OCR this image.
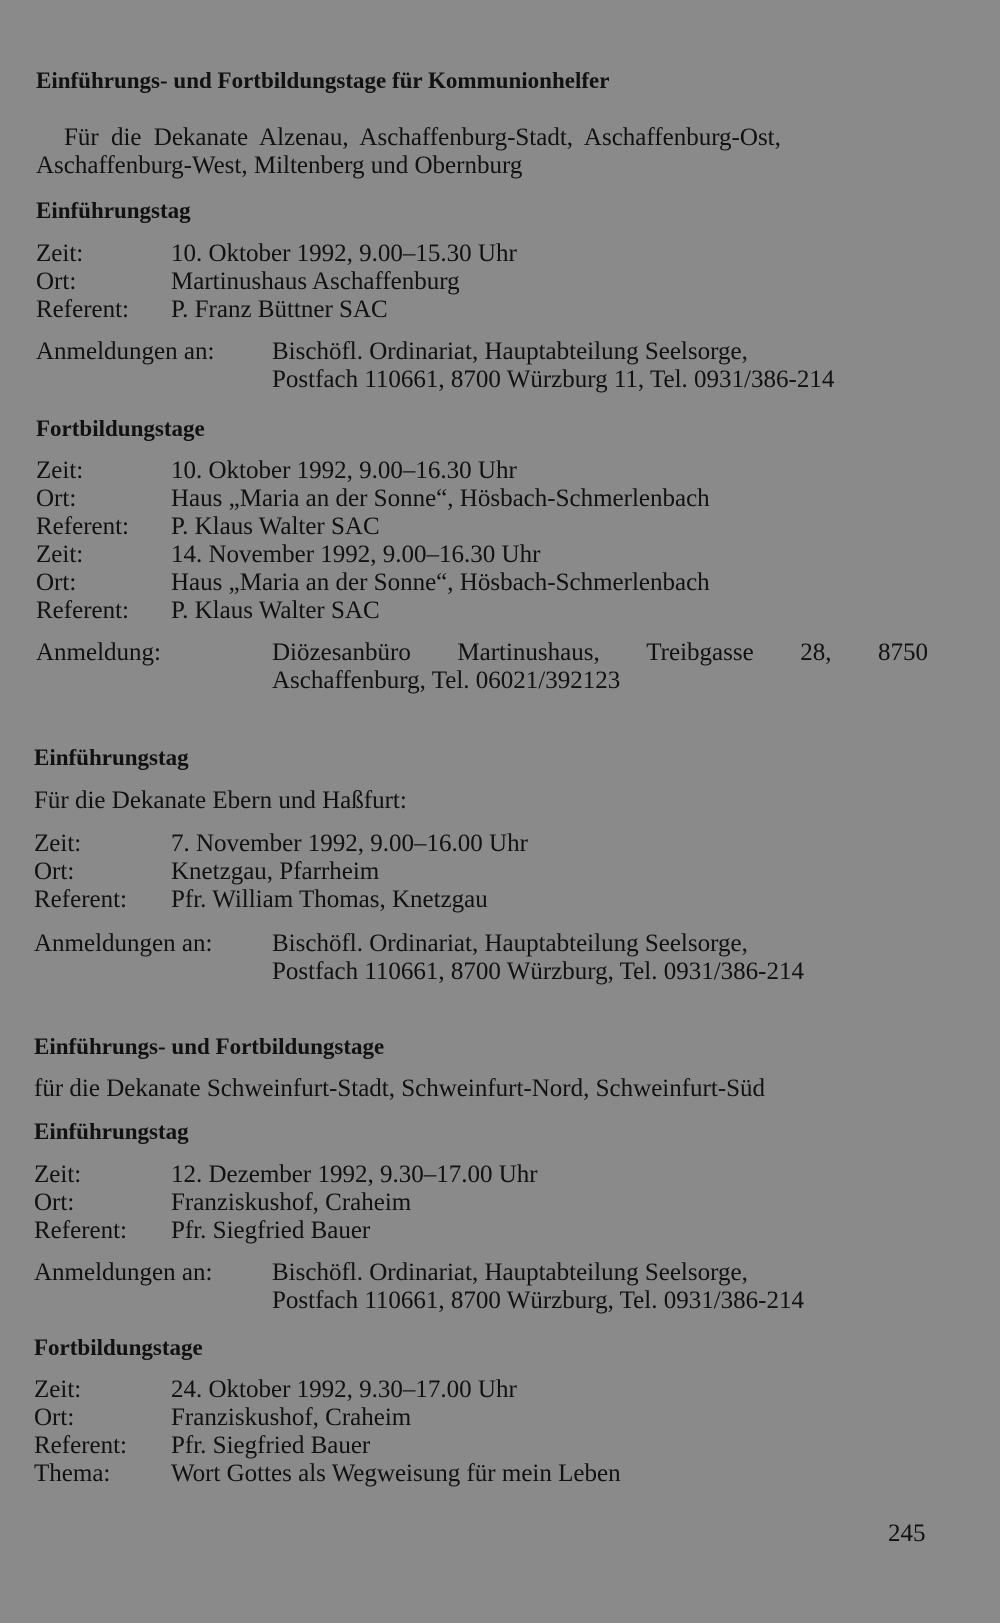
Einführungs- und Fortbildungstage für Kommunionhelfer
Für die Dekanate Alzenau, Aschaffenburg-Stadt, Aschaffenburg-Ost,
Aschaffenburg-West, Miltenberg und Obernburg
Einführungstag
Zeit:	10. Oktober 1992, 9.00–15.30 Uhr
Ort:	Martinushaus Aschaffenburg
Referent: P. Franz Büttner SAC
Anmeldungen an: Bischöfl. Ordinariat, Hauptabteilung Seelsorge,
Postfach 110661, 8700 Würzburg 11, Tel. 0931/386-214
Fortbildungstage
Zeit:	10. Oktober 1992, 9.00–16.30 Uhr
Ort:	Haus „Maria an der Sonne“, Hösbach-Schmerlenbach
Referent: P. Klaus Walter SAC
Zeit:	14. November 1992, 9.00–16.30 Uhr
Ort:	Haus „Maria an der Sonne“, Hösbach-Schmerlenbach
Referent: P. Klaus Walter SAC
Anmeldung:	Diözesanbüro Martinushaus, Treibgasse 28, 8750
Aschaffenburg, Tel. 06021/392123
Einführungstag
Für die Dekanate Ebern und Haßfurt:
Zeit:	7. November 1992, 9.00–16.00 Uhr
Ort:	Knetzgau, Pfarrheim
Referent: Pfr. William Thomas, Knetzgau
Anmeldungen an: Bischöfl. Ordinariat, Hauptabteilung Seelsorge,
Postfach 110661, 8700 Würzburg, Tel. 0931/386-214
Einführungs- und Fortbildungstage
für die Dekanate Schweinfurt-Stadt, Schweinfurt-Nord, Schweinfurt-Süd
Einführungstag
Zeit:	12. Dezember 1992, 9.30–17.00 Uhr
Ort:	Franziskushof, Craheim
Referent: Pfr. Siegfried Bauer
Anmeldungen an: Bischöfl. Ordinariat, Hauptabteilung Seelsorge,
Postfach 110661, 8700 Würzburg, Tel. 0931/386-214
Fortbildungstage
Zeit:	24. Oktober 1992, 9.30–17.00 Uhr
Ort:	Franziskushof, Craheim
Referent: Pfr. Siegfried Bauer
Thema: Wort Gottes als Wegweisung für mein Leben
245
